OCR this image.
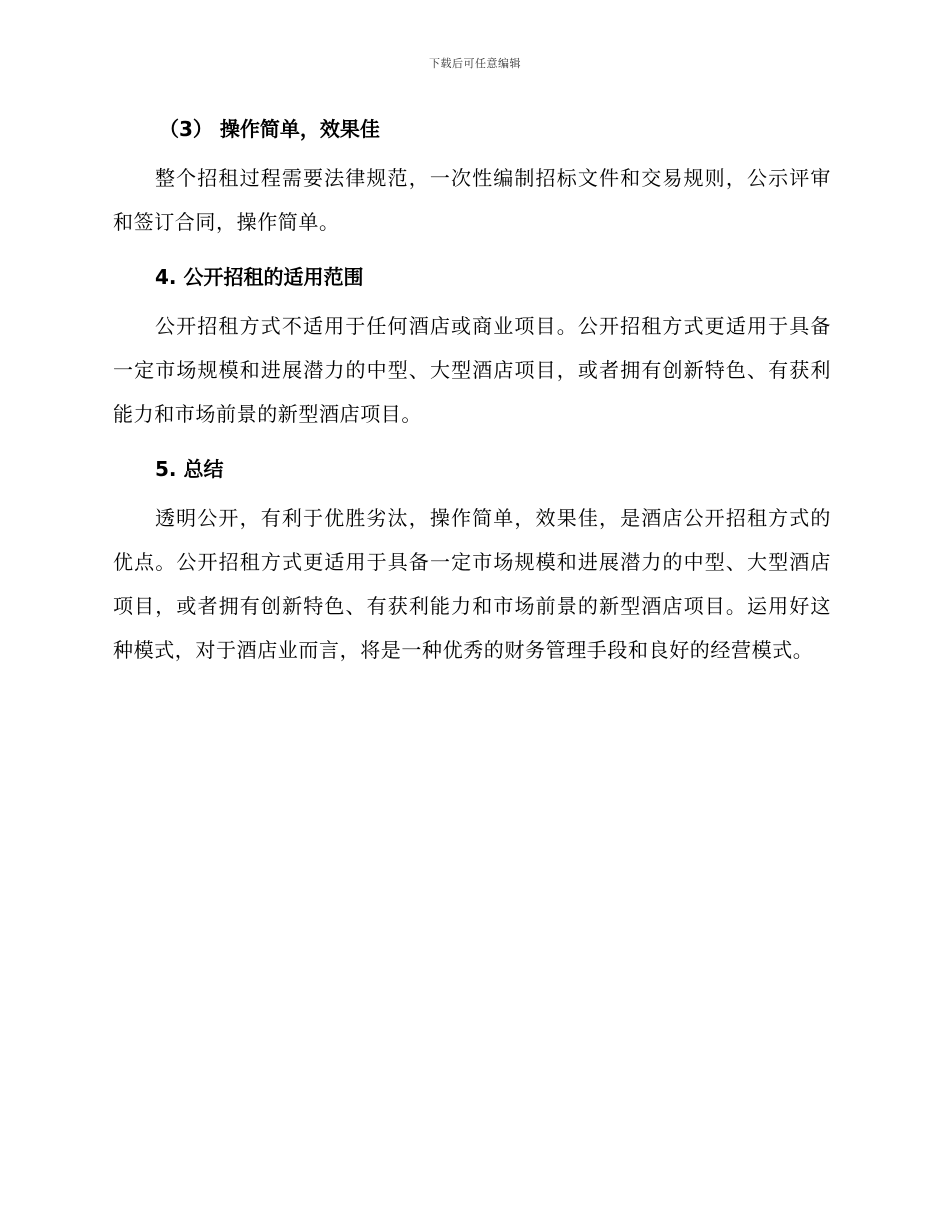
下载后可任意编辑
（3） 操作简单，效果佳

整个招租过程需要法律规范，一次性编制招标文件和交易规则，公示评审和签订合同，操作简单。

4. 公开招租的适用范围

公开招租方式不适用于任何酒店或商业项目。公开招租方式更适用于具备一定市场规模和进展潜力的中型、大型酒店项目，或者拥有创新特色、有获利能力和市场前景的新型酒店项目。

5. 总结

透明公开，有利于优胜劣汰，操作简单，效果佳，是酒店公开招租方式的优点。公开招租方式更适用于具备一定市场规模和进展潜力的中型、大型酒店项目，或者拥有创新特色、有获利能力和市场前景的新型酒店项目。运用好这种模式，对于酒店业而言，将是一种优秀的财务管理手段和良好的经营模式。
